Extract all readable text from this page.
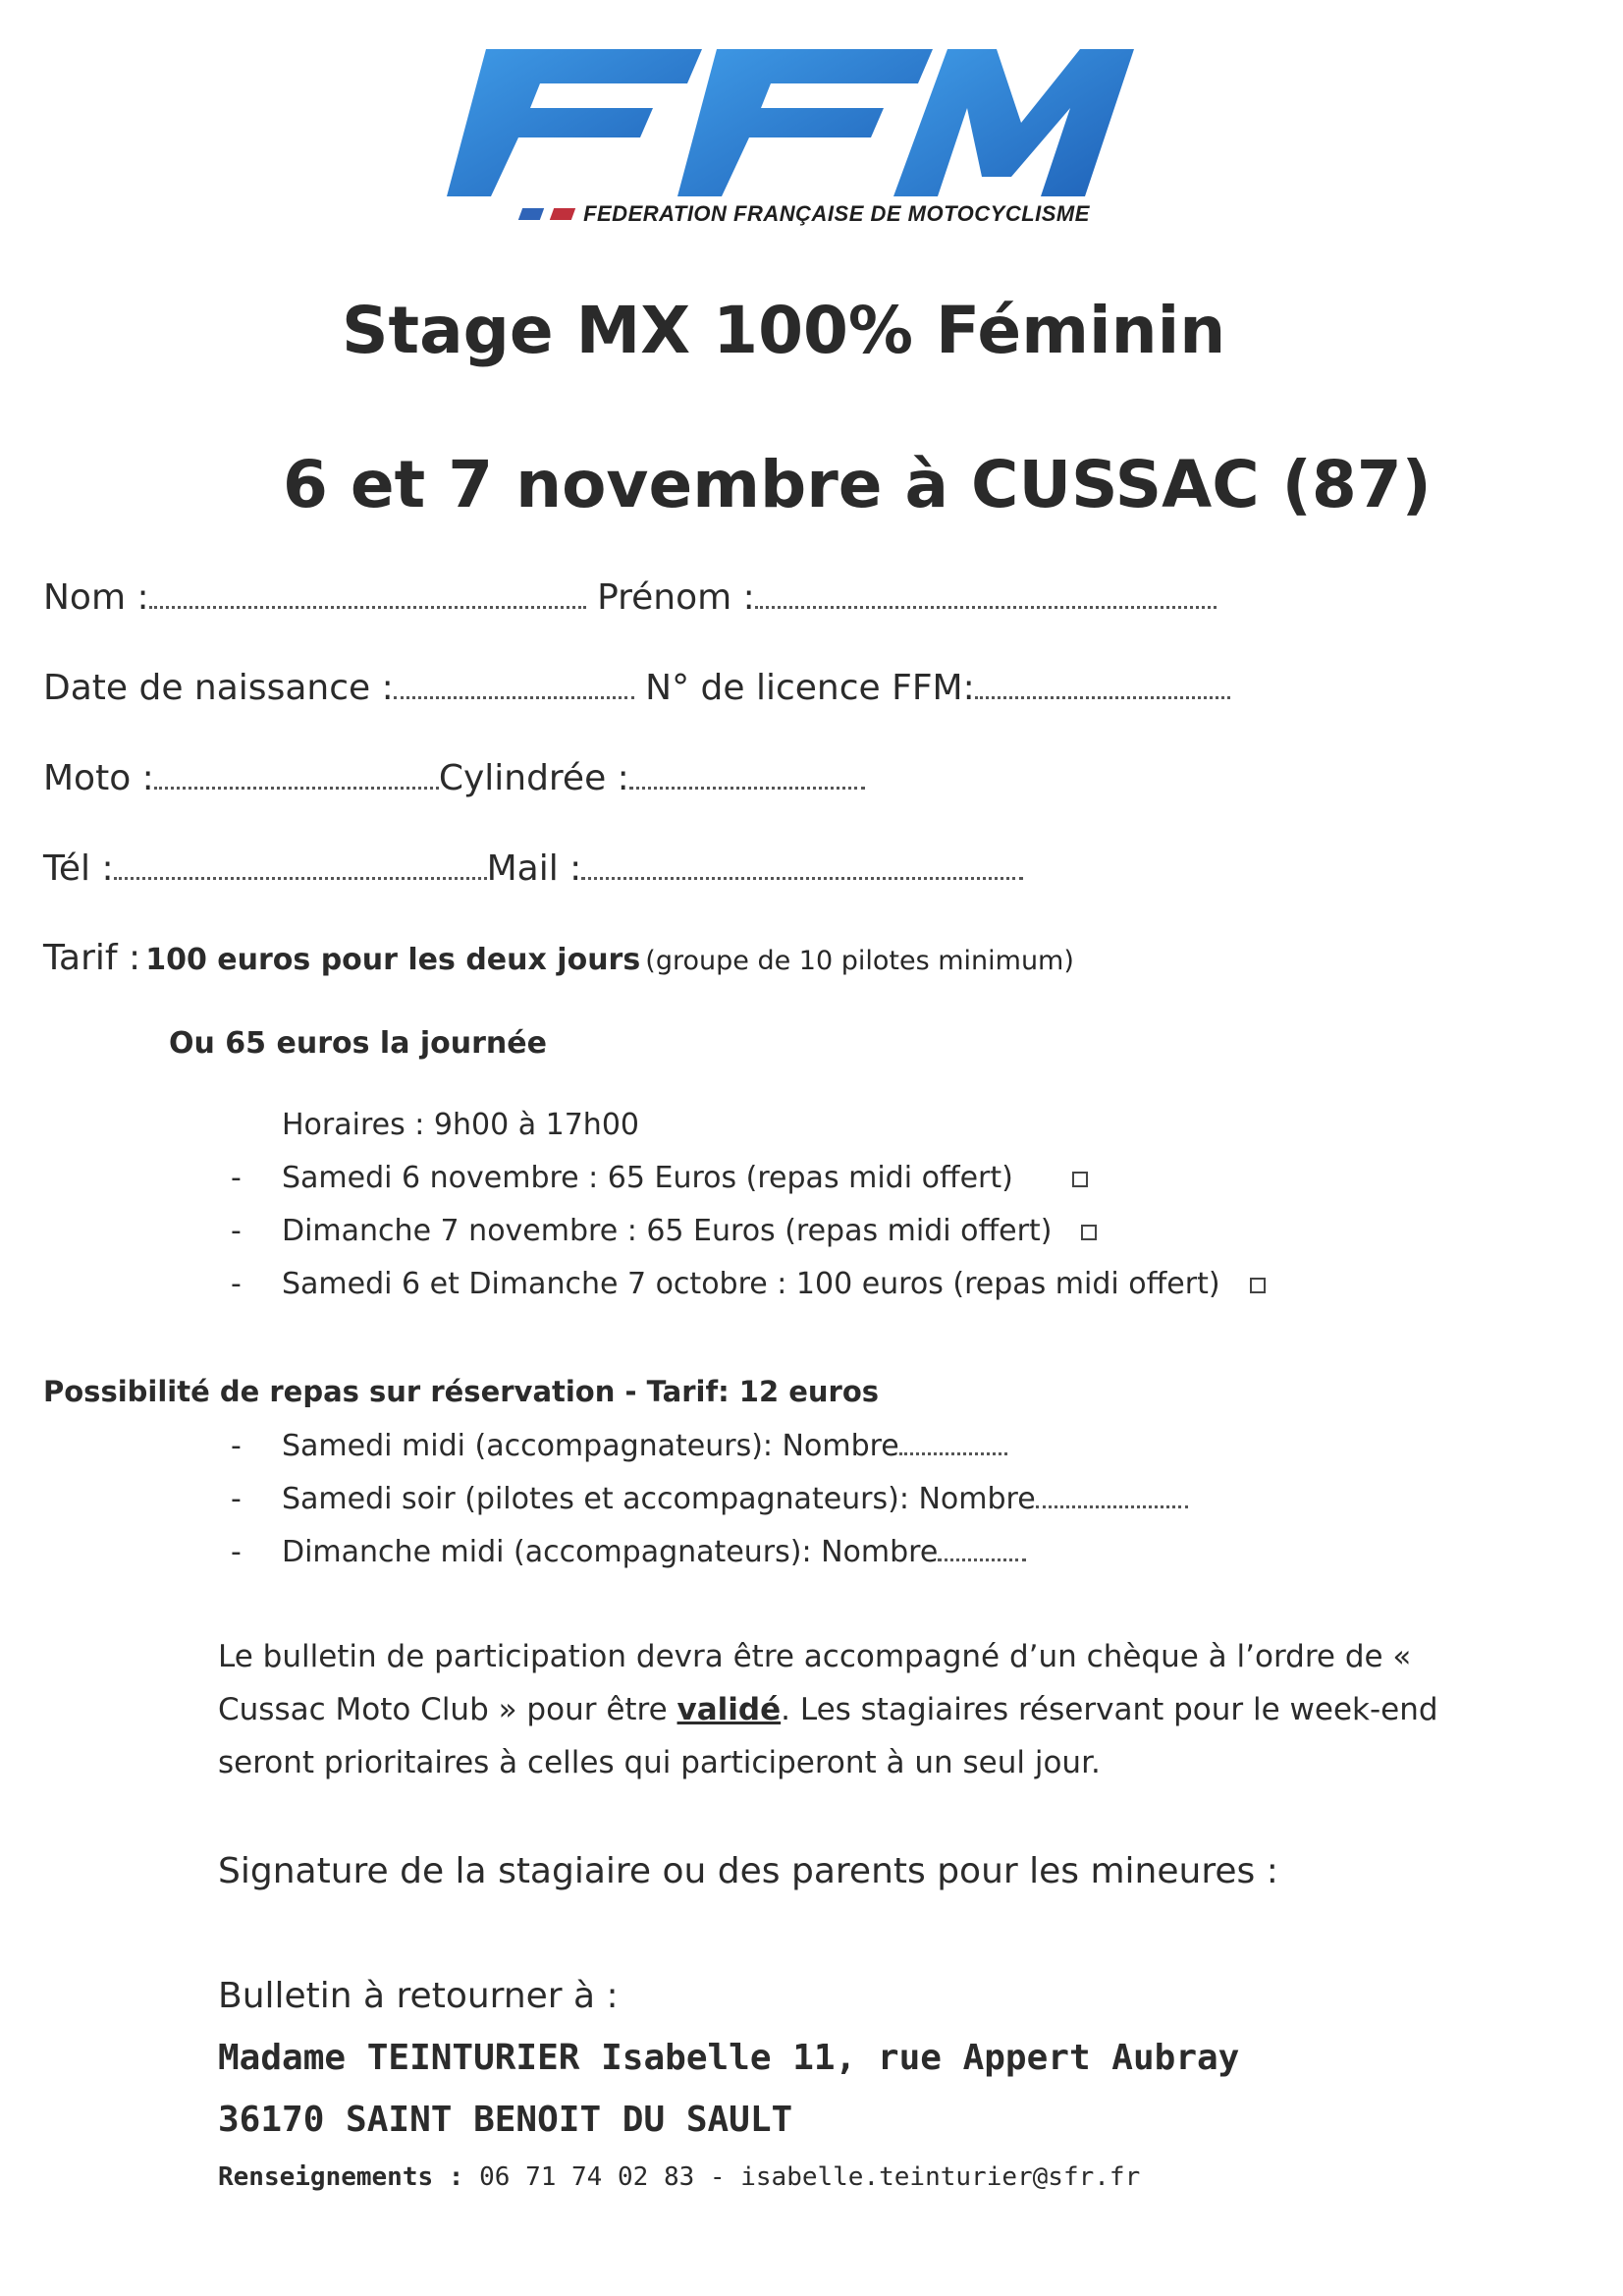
FEDERATION FRANÇAISE DE MOTOCYCLISME
Stage MX 100% Féminin
6 et 7 novembre à CUSSAC (87)
Nom :	Prénom :
Date de naissance :	N° de licence FFM:
Moto :	Cylindrée :
Tél :	Mail :
Tarif : 100 euros pour les deux jours (groupe de 10 pilotes minimum)
Ou 65 euros la journée
Horaires : 9h00 à 17h00
- Samedi 6 novembre : 65 Euros (repas midi offert)
- Dimanche 7 novembre : 65 Euros (repas midi offert)
- Samedi 6 et Dimanche 7 octobre : 100 euros (repas midi offert)
Possibilité de repas sur réservation - Tarif: 12 euros
- Samedi midi (accompagnateurs): Nombre
- Samedi soir (pilotes et accompagnateurs): Nombre
- Dimanche midi (accompagnateurs): Nombre
Le bulletin de participation devra être accompagné d’un chèque à l’ordre de « Cussac Moto Club » pour être validé. Les stagiaires réservant pour le week-end seront prioritaires à celles qui participeront à un seul jour.
Signature de la stagiaire ou des parents pour les mineures :
Bulletin à retourner à :
Madame TEINTURIER Isabelle 11, rue Appert Aubray
36170 SAINT BENOIT DU SAULT
Renseignements : 06 71 74 02 83 - isabelle.teinturier@sfr.fr
